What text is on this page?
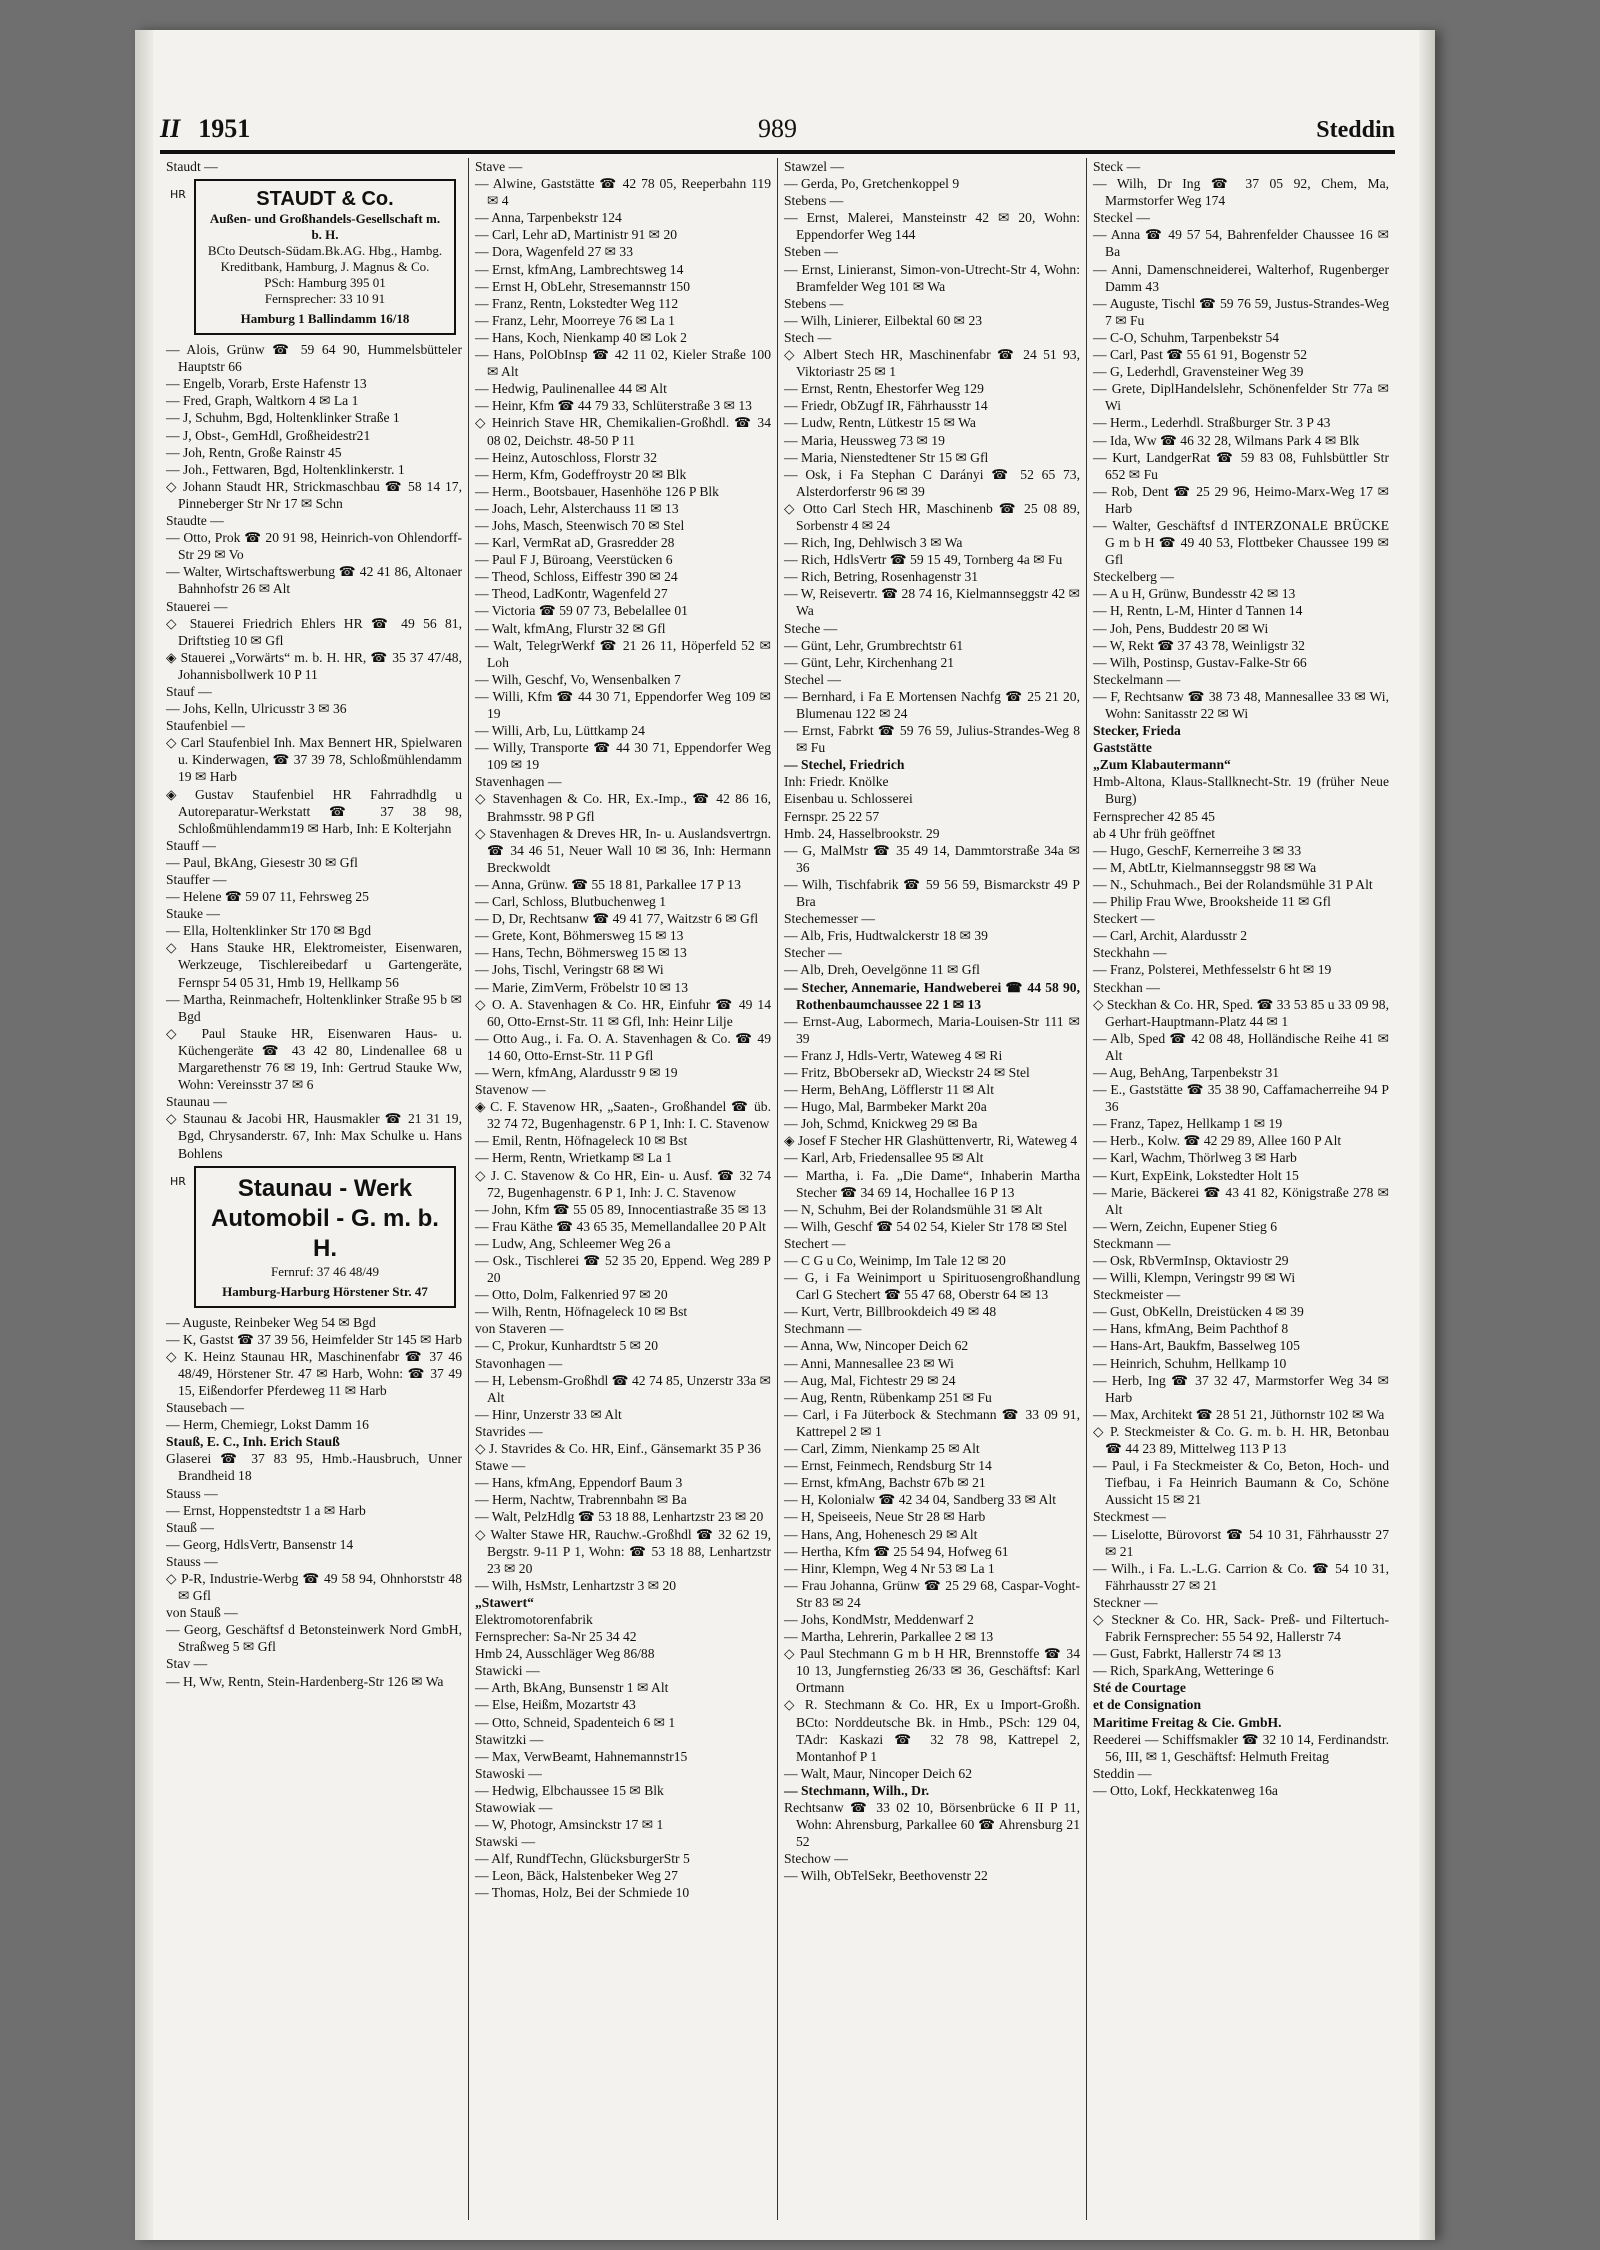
II 1951	989	Steddin

Staudt —

HR	STAUDT & Co.
Außen- und Großhandels-Gesellschaft m. b. H.
BCto Deutsch-Südam.Bk.AG. Hbg., Hambg. Kreditbank, Hamburg, J. Magnus & Co. PSch: Hamburg 395 01
Fernsprecher: 33 10 91
Hamburg 1 Ballindamm 16/18

— Alois, Grünw ☎ 59 64 90, Hummelsbütteler Hauptstr 66

— Engelb, Vorarb, Erste Hafenstr 13

— Fred, Graph, Waltkorn 4 ✉ La 1

— J, Schuhm, Bgd, Holtenklinker Straße 1

— J, Obst-, GemHdl, Großheidestr21

— Joh, Rentn, Große Rainstr 45

— Joh., Fettwaren, Bgd, Holtenklinkerstr. 1

◇ Johann Staudt HR, Strickmaschbau ☎ 58 14 17, Pinneberger Str Nr 17 ✉ Schn

Staudte —

— Otto, Prok ☎ 20 91 98, Heinrich-von Ohlendorff-Str 29 ✉ Vo

— Walter, Wirtschaftswerbung ☎ 42 41 86, Altonaer Bahnhofstr 26 ✉ Alt

Stauerei —

◇ Stauerei Friedrich Ehlers HR ☎ 49 56 81, Driftstieg 10 ✉ Gfl

◈ Stauerei „Vorwärts“ m. b. H. HR, ☎ 35 37 47/48, Johannisbollwerk 10 P 11

Stauf —

— Johs, Kelln, Ulricusstr 3 ✉ 36

Staufenbiel —

◇ Carl Staufenbiel Inh. Max Bennert HR, Spielwaren u. Kinderwagen, ☎ 37 39 78, Schloßmühlendamm 19 ✉ Harb

◈ Gustav Staufenbiel HR Fahrradhdlg u Autoreparatur-Werkstatt ☎ 37 38 98, Schloßmühlendamm19 ✉ Harb, Inh: E Kolterjahn

Stauff —

— Paul, BkAng, Giesestr 30 ✉ Gfl

Stauffer —

— Helene ☎ 59 07 11, Fehrsweg 25

Stauke —

— Ella, Holtenklinker Str 170 ✉ Bgd

◇ Hans Stauke HR, Elektromeister, Eisenwaren, Werkzeuge, Tischlereibedarf u Gartengeräte, Fernspr 54 05 31, Hmb 19, Hellkamp 56

— Martha, Reinmachefr, Holtenklinker Straße 95 b ✉ Bgd

◇ Paul Stauke HR, Eisenwaren Haus- u. Küchengeräte ☎ 43 42 80, Lindenallee 68 u Margarethenstr 76 ✉ 19, Inh: Gertrud Stauke Ww, Wohn: Vereinsstr 37 ✉ 6

Staunau —

◇ Staunau & Jacobi HR, Hausmakler ☎ 21 31 19, Bgd, Chrysanderstr. 67, Inh: Max Schulke u. Hans Bohlens

HR	Staunau - Werk Automobil - G. m. b. H.
Fernruf: 37 46 48/49
Hamburg-Harburg Hörstener Str. 47

— Auguste, Reinbeker Weg 54 ✉ Bgd

— K, Gastst ☎ 37 39 56, Heimfelder Str 145 ✉ Harb

◇ K. Heinz Staunau HR, Maschinenfabr ☎ 37 46 48/49, Hörstener Str. 47 ✉ Harb, Wohn: ☎ 37 49 15, Eißendorfer Pferdeweg 11 ✉ Harb

Stausebach —

— Herm, Chemiegr, Lokst Damm 16

Stauß, E. C., Inh. Erich Stauß

Glaserei ☎ 37 83 95, Hmb.-Hausbruch, Unner Brandheid 18

Stauss —

— Ernst, Hoppenstedtstr 1 a ✉ Harb

Stauß —

— Georg, HdlsVertr, Bansenstr 14

Stauss —

◇ P-R, Industrie-Werbg ☎ 49 58 94, Ohnhorststr 48 ✉ Gfl

von Stauß —

— Georg, Geschäftsf d Betonsteinwerk Nord GmbH, Straßweg 5 ✉ Gfl

Stav —

— H, Ww, Rentn, Stein-Hardenberg-Str 126 ✉ Wa

Stave —

— Alwine, Gaststätte ☎ 42 78 05, Reeperbahn 119 ✉ 4

— Anna, Tarpenbekstr 124

— Carl, Lehr aD, Martinistr 91 ✉ 20

— Dora, Wagenfeld 27 ✉ 33

— Ernst, kfmAng, Lambrechtsweg 14

— Ernst H, ObLehr, Stresemannstr 150

— Franz, Rentn, Lokstedter Weg 112

— Franz, Lehr, Moorreye 76 ✉ La 1

— Hans, Koch, Nienkamp 40 ✉ Lok 2

— Hans, PolObInsp ☎ 42 11 02, Kieler Straße 100 ✉ Alt

— Hedwig, Paulinenallee 44 ✉ Alt

— Heinr, Kfm ☎ 44 79 33, Schlüterstraße 3 ✉ 13

◇ Heinrich Stave HR, Chemikalien-Großhdl. ☎ 34 08 02, Deichstr. 48-50 P 11

— Heinz, Autoschloss, Florstr 32

— Herm, Kfm, Godeffroystr 20 ✉ Blk

— Herm., Bootsbauer, Hasenhöhe 126 P Blk

— Joach, Lehr, Alsterchauss 11 ✉ 13

— Johs, Masch, Steenwisch 70 ✉ Stel

— Karl, VermRat aD, Grasredder 28

— Paul F J, Büroang, Veerstücken 6

— Theod, Schloss, Eiffestr 390 ✉ 24

— Theod, LadKontr, Wagenfeld 27

— Victoria ☎ 59 07 73, Bebelallee 01

— Walt, kfmAng, Flurstr 32 ✉ Gfl

— Walt, TelegrWerkf ☎ 21 26 11, Höperfeld 52 ✉ Loh

— Wilh, Geschf, Vo, Wensenbalken 7

— Willi, Kfm ☎ 44 30 71, Eppendorfer Weg 109 ✉ 19

— Willi, Arb, Lu, Lüttkamp 24

— Willy, Transporte ☎ 44 30 71, Eppendorfer Weg 109 ✉ 19

Stavenhagen —

◇ Stavenhagen & Co. HR, Ex.-Imp., ☎ 42 86 16, Brahmsstr. 98 P Gfl

◇ Stavenhagen & Dreves HR, In- u. Auslandsvertrgn. ☎ 34 46 51, Neuer Wall 10 ✉ 36, Inh: Hermann Breckwoldt

— Anna, Grünw. ☎ 55 18 81, Parkallee 17 P 13

— Carl, Schloss, Blutbuchenweg 1

— D, Dr, Rechtsanw ☎ 49 41 77, Waitzstr 6 ✉ Gfl

— Grete, Kont, Böhmersweg 15 ✉ 13

— Hans, Techn, Böhmersweg 15 ✉ 13

— Johs, Tischl, Veringstr 68 ✉ Wi

— Marie, ZimVerm, Fröbelstr 10 ✉ 13

◇ O. A. Stavenhagen & Co. HR, Einfuhr ☎ 49 14 60, Otto-Ernst-Str. 11 ✉ Gfl, Inh: Heinr Lilje

— Otto Aug., i. Fa. O. A. Stavenhagen & Co. ☎ 49 14 60, Otto-Ernst-Str. 11 P Gfl

— Wern, kfmAng, Alardusstr 9 ✉ 19

Stavenow —

◈ C. F. Stavenow HR, „Saaten-, Großhandel ☎ üb. 32 74 72, Bugenhagenstr. 6 P 1, Inh: I. C. Stavenow

— Emil, Rentn, Höfnageleck 10 ✉ Bst

— Herm, Rentn, Wrietkamp ✉ La 1

◇ J. C. Stavenow & Co HR, Ein- u. Ausf. ☎ 32 74 72, Bugenhagenstr. 6 P 1, Inh: J. C. Stavenow

— John, Kfm ☎ 55 05 89, Innocentiastraße 35 ✉ 13

— Frau Käthe ☎ 43 65 35, Memellandallee 20 P Alt

— Ludw, Ang, Schleemer Weg 26 a

— Osk., Tischlerei ☎ 52 35 20, Eppend. Weg 289 P 20

— Otto, Dolm, Falkenried 97 ✉ 20

— Wilh, Rentn, Höfnageleck 10 ✉ Bst

von Staveren —

— C, Prokur, Kunhardtstr 5 ✉ 20

Stavonhagen —

— H, Lebensm-Großhdl ☎ 42 74 85, Unzerstr 33a ✉ Alt

— Hinr, Unzerstr 33 ✉ Alt

Stavrides —

◇ J. Stavrides & Co. HR, Einf., Gänsemarkt 35 P 36

Stawe —

— Hans, kfmAng, Eppendorf Baum 3

— Herm, Nachtw, Trabrennbahn ✉ Ba

— Walt, PelzHdlg ☎ 53 18 88, Lenhartzstr 23 ✉ 20

◇ Walter Stawe HR, Rauchw.-Großhdl ☎ 32 62 19, Bergstr. 9-11 P 1, Wohn: ☎ 53 18 88, Lenhartzstr 23 ✉ 20

— Wilh, HsMstr, Lenhartzstr 3 ✉ 20

„Stawert“

Elektromotorenfabrik

Fernsprecher: Sa-Nr 25 34 42

Hmb 24, Ausschläger Weg 86/88

Stawicki —

— Arth, BkAng, Bunsenstr 1 ✉ Alt

— Else, Heißm, Mozartstr 43

— Otto, Schneid, Spadenteich 6 ✉ 1

Stawitzki —

— Max, VerwBeamt, Hahnemannstr15

Stawoski —

— Hedwig, Elbchaussee 15 ✉ Blk

Stawowiak —

— W, Photogr, Amsinckstr 17 ✉ 1

Stawski —

— Alf, RundfTechn, GlücksburgerStr 5

— Leon, Bäck, Halstenbeker Weg 27

— Thomas, Holz, Bei der Schmiede 10

Stawzel —

— Gerda, Po, Gretchenkoppel 9

Stebens —

— Ernst, Malerei, Mansteinstr 42 ✉ 20, Wohn: Eppendorfer Weg 144

Steben —

— Ernst, Linieranst, Simon-von-Utrecht-Str 4, Wohn: Bramfelder Weg 101 ✉ Wa

Stebens —

— Wilh, Linierer, Eilbektal 60 ✉ 23

Stech —

◇ Albert Stech HR, Maschinenfabr ☎ 24 51 93, Viktoriastr 25 ✉ 1

— Ernst, Rentn, Ehestorfer Weg 129

— Friedr, ObZugf IR, Fährhausstr 14

— Ludw, Rentn, Lütkestr 15 ✉ Wa

— Maria, Heussweg 73 ✉ 19

— Maria, Nienstedtener Str 15 ✉ Gfl

— Osk, i Fa Stephan C Darányi ☎ 52 65 73, Alsterdorferstr 96 ✉ 39

◇ Otto Carl Stech HR, Maschinenb ☎ 25 08 89, Sorbenstr 4 ✉ 24

— Rich, Ing, Dehlwisch 3 ✉ Wa

— Rich, HdlsVertr ☎ 59 15 49, Tornberg 4a ✉ Fu

— Rich, Betring, Rosenhagenstr 31

— W, Reisevertr. ☎ 28 74 16, Kielmannseggstr 42 ✉ Wa

Steche —

— Günt, Lehr, Grumbrechtstr 61

— Günt, Lehr, Kirchenhang 21

Stechel —

— Bernhard, i Fa E Mortensen Nachfg ☎ 25 21 20, Blumenau 122 ✉ 24

— Ernst, Fabrkt ☎ 59 76 59, Julius-Strandes-Weg 8 ✉ Fu

— Stechel, Friedrich

Inh: Friedr. Knölke

Eisenbau u. Schlosserei

Fernspr. 25 22 57

Hmb. 24, Hasselbrookstr. 29

— G, MalMstr ☎ 35 49 14, Dammtorstraße 34a ✉ 36

— Wilh, Tischfabrik ☎ 59 56 59, Bismarckstr 49 P Bra

Stechemesser —

— Alb, Fris, Hudtwalckerstr 18 ✉ 39

Stecher —

— Alb, Dreh, Oevelgönne 11 ✉ Gfl

— Stecher, Annemarie, Handweberei ☎ 44 58 90, Rothenbaumchaussee 22 1 ✉ 13

— Ernst-Aug, Labormech, Maria-Louisen-Str 111 ✉ 39

— Franz J, Hdls-Vertr, Wateweg 4 ✉ Ri

— Fritz, BbObersekr aD, Wieckstr 24 ✉ Stel

— Herm, BehAng, Löfflerstr 11 ✉ Alt

— Hugo, Mal, Barmbeker Markt 20a

— Joh, Schmd, Knickweg 29 ✉ Ba

◈ Josef F Stecher HR Glashüttenvertr, Ri, Wateweg 4

— Karl, Arb, Friedensallee 95 ✉ Alt

— Martha, i. Fa. „Die Dame“, Inhaberin Martha Stecher ☎ 34 69 14, Hochallee 16 P 13

— N, Schuhm, Bei der Rolandsmühle 31 ✉ Alt

— Wilh, Geschf ☎ 54 02 54, Kieler Str 178 ✉ Stel

Stechert —

— C G u Co, Weinimp, Im Tale 12 ✉ 20

— G, i Fa Weinimport u Spirituosengroßhandlung Carl G Stechert ☎ 55 47 68, Oberstr 64 ✉ 13

— Kurt, Vertr, Billbrookdeich 49 ✉ 48

Stechmann —

— Anna, Ww, Nincoper Deich 62

— Anni, Mannesallee 23 ✉ Wi

— Aug, Mal, Fichtestr 29 ✉ 24

— Aug, Rentn, Rübenkamp 251 ✉ Fu

— Carl, i Fa Jüterbock & Stechmann ☎ 33 09 91, Kattrepel 2 ✉ 1

— Carl, Zimm, Nienkamp 25 ✉ Alt

— Ernst, Feinmech, Rendsburg Str 14

— Ernst, kfmAng, Bachstr 67b ✉ 21

— H, Kolonialw ☎ 42 34 04, Sandberg 33 ✉ Alt

— H, Speiseeis, Neue Str 28 ✉ Harb

— Hans, Ang, Hohenesch 29 ✉ Alt

— Hertha, Kfm ☎ 25 54 94, Hofweg 61

— Hinr, Klempn, Weg 4 Nr 53 ✉ La 1

— Frau Johanna, Grünw ☎ 25 29 68, Caspar-Voght-Str 83 ✉ 24

— Johs, KondMstr, Meddenwarf 2

— Martha, Lehrerin, Parkallee 2 ✉ 13

◇ Paul Stechmann G m b H HR, Brennstoffe ☎ 34 10 13, Jungfernstieg 26/33 ✉ 36, Geschäftsf: Karl Ortmann

◇ R. Stechmann & Co. HR, Ex u Import-Großh. BCto: Norddeutsche Bk. in Hmb., PSch: 129 04, TAdr: Kaskazi ☎ 32 78 98, Kattrepel 2, Montanhof P 1

— Walt, Maur, Nincoper Deich 62

— Stechmann, Wilh., Dr.

Rechtsanw ☎ 33 02 10, Börsenbrücke 6 II P 11, Wohn: Ahrensburg, Parkallee 60 ☎ Ahrensburg 21 52

Stechow —

— Wilh, ObTelSekr, Beethovenstr 22

Steck —

— Wilh, Dr Ing ☎ 37 05 92, Chem, Ma, Marmstorfer Weg 174

Steckel —

— Anna ☎ 49 57 54, Bahrenfelder Chaussee 16 ✉ Ba

— Anni, Damenschneiderei, Walterhof, Rugenberger Damm 43

— Auguste, Tischl ☎ 59 76 59, Justus-Strandes-Weg 7 ✉ Fu

— C-O, Schuhm, Tarpenbekstr 54

— Carl, Past ☎ 55 61 91, Bogenstr 52

— G, Lederhdl, Gravensteiner Weg 39

— Grete, DiplHandelslehr, Schönenfelder Str 77a ✉ Wi

— Herm., Lederhdl. Straßburger Str. 3 P 43

— Ida, Ww ☎ 46 32 28, Wilmans Park 4 ✉ Blk

— Kurt, LandgerRat ☎ 59 83 08, Fuhlsbüttler Str 652 ✉ Fu

— Rob, Dent ☎ 25 29 96, Heimo-Marx-Weg 17 ✉ Harb

— Walter, Geschäftsf d INTERZONALE BRÜCKE G m b H ☎ 49 40 53, Flottbeker Chaussee 199 ✉ Gfl

Steckelberg —

— A u H, Grünw, Bundesstr 42 ✉ 13

— H, Rentn, L-M, Hinter d Tannen 14

— Joh, Pens, Buddestr 20 ✉ Wi

— W, Rekt ☎ 37 43 78, Weinligstr 32

— Wilh, Postinsp, Gustav-Falke-Str 66

Steckelmann —

— F, Rechtsanw ☎ 38 73 48, Mannesallee 33 ✉ Wi, Wohn: Sanitasstr 22 ✉ Wi

Stecker, Frieda

Gaststätte

„Zum Klabautermann“

Hmb-Altona, Klaus-Stallknecht-Str. 19 (früher Neue Burg)

Fernsprecher 42 85 45

ab 4 Uhr früh geöffnet

— Hugo, GeschF, Kernerreihe 3 ✉ 33

— M, AbtLtr, Kielmannseggstr 98 ✉ Wa

— N., Schuhmach., Bei der Rolandsmühle 31 P Alt

— Philip Frau Wwe, Brooksheide 11 ✉ Gfl

Steckert —

— Carl, Archit, Alardusstr 2

Steckhahn —

— Franz, Polsterei, Methfesselstr 6 ht ✉ 19

Steckhan —

◇ Steckhan & Co. HR, Sped. ☎ 33 53 85 u 33 09 98, Gerhart-Hauptmann-Platz 44 ✉ 1

— Alb, Sped ☎ 42 08 48, Holländische Reihe 41 ✉ Alt

— Aug, BehAng, Tarpenbekstr 31

— E., Gaststätte ☎ 35 38 90, Caffamacherreihe 94 P 36

— Franz, Tapez, Hellkamp 1 ✉ 19

— Herb., Kolw. ☎ 42 29 89, Allee 160 P Alt

— Karl, Wachm, Thörlweg 3 ✉ Harb

— Kurt, ExpEink, Lokstedter Holt 15

— Marie, Bäckerei ☎ 43 41 82, Königstraße 278 ✉ Alt

— Wern, Zeichn, Eupener Stieg 6

Steckmann —

— Osk, RbVermInsp, Oktaviostr 29

— Willi, Klempn, Veringstr 99 ✉ Wi

Steckmeister —

— Gust, ObKelln, Dreistücken 4 ✉ 39

— Hans, kfmAng, Beim Pachthof 8

— Hans-Art, Baukfm, Basselweg 105

— Heinrich, Schuhm, Hellkamp 10

— Herb, Ing ☎ 37 32 47, Marmstorfer Weg 34 ✉ Harb

— Max, Architekt ☎ 28 51 21, Jüthornstr 102 ✉ Wa

◇ P. Steckmeister & Co. G. m. b. H. HR, Betonbau ☎ 44 23 89, Mittelweg 113 P 13

— Paul, i Fa Steckmeister & Co, Beton, Hoch- und Tiefbau, i Fa Heinrich Baumann & Co, Schöne Aussicht 15 ✉ 21

Steckmest —

— Liselotte, Bürovorst ☎ 54 10 31, Fährhausstr 27 ✉ 21

— Wilh., i Fa. L.-L.G. Carrion & Co. ☎ 54 10 31, Fährhausstr 27 ✉ 21

Steckner —

◇ Steckner & Co. HR, Sack- Preß- und Filtertuch-Fabrik Fernsprecher: 55 54 92, Hallerstr 74

— Gust, Fabrkt, Hallerstr 74 ✉ 13

— Rich, SparkAng, Wetteringe 6

Sté de Courtage

et de Consignation

Maritime Freitag & Cie. GmbH.

Reederei — Schiffsmakler ☎ 32 10 14, Ferdinandstr. 56, III, ✉ 1, Geschäftsf: Helmuth Freitag

Steddin —

— Otto, Lokf, Heckkatenweg 16a
